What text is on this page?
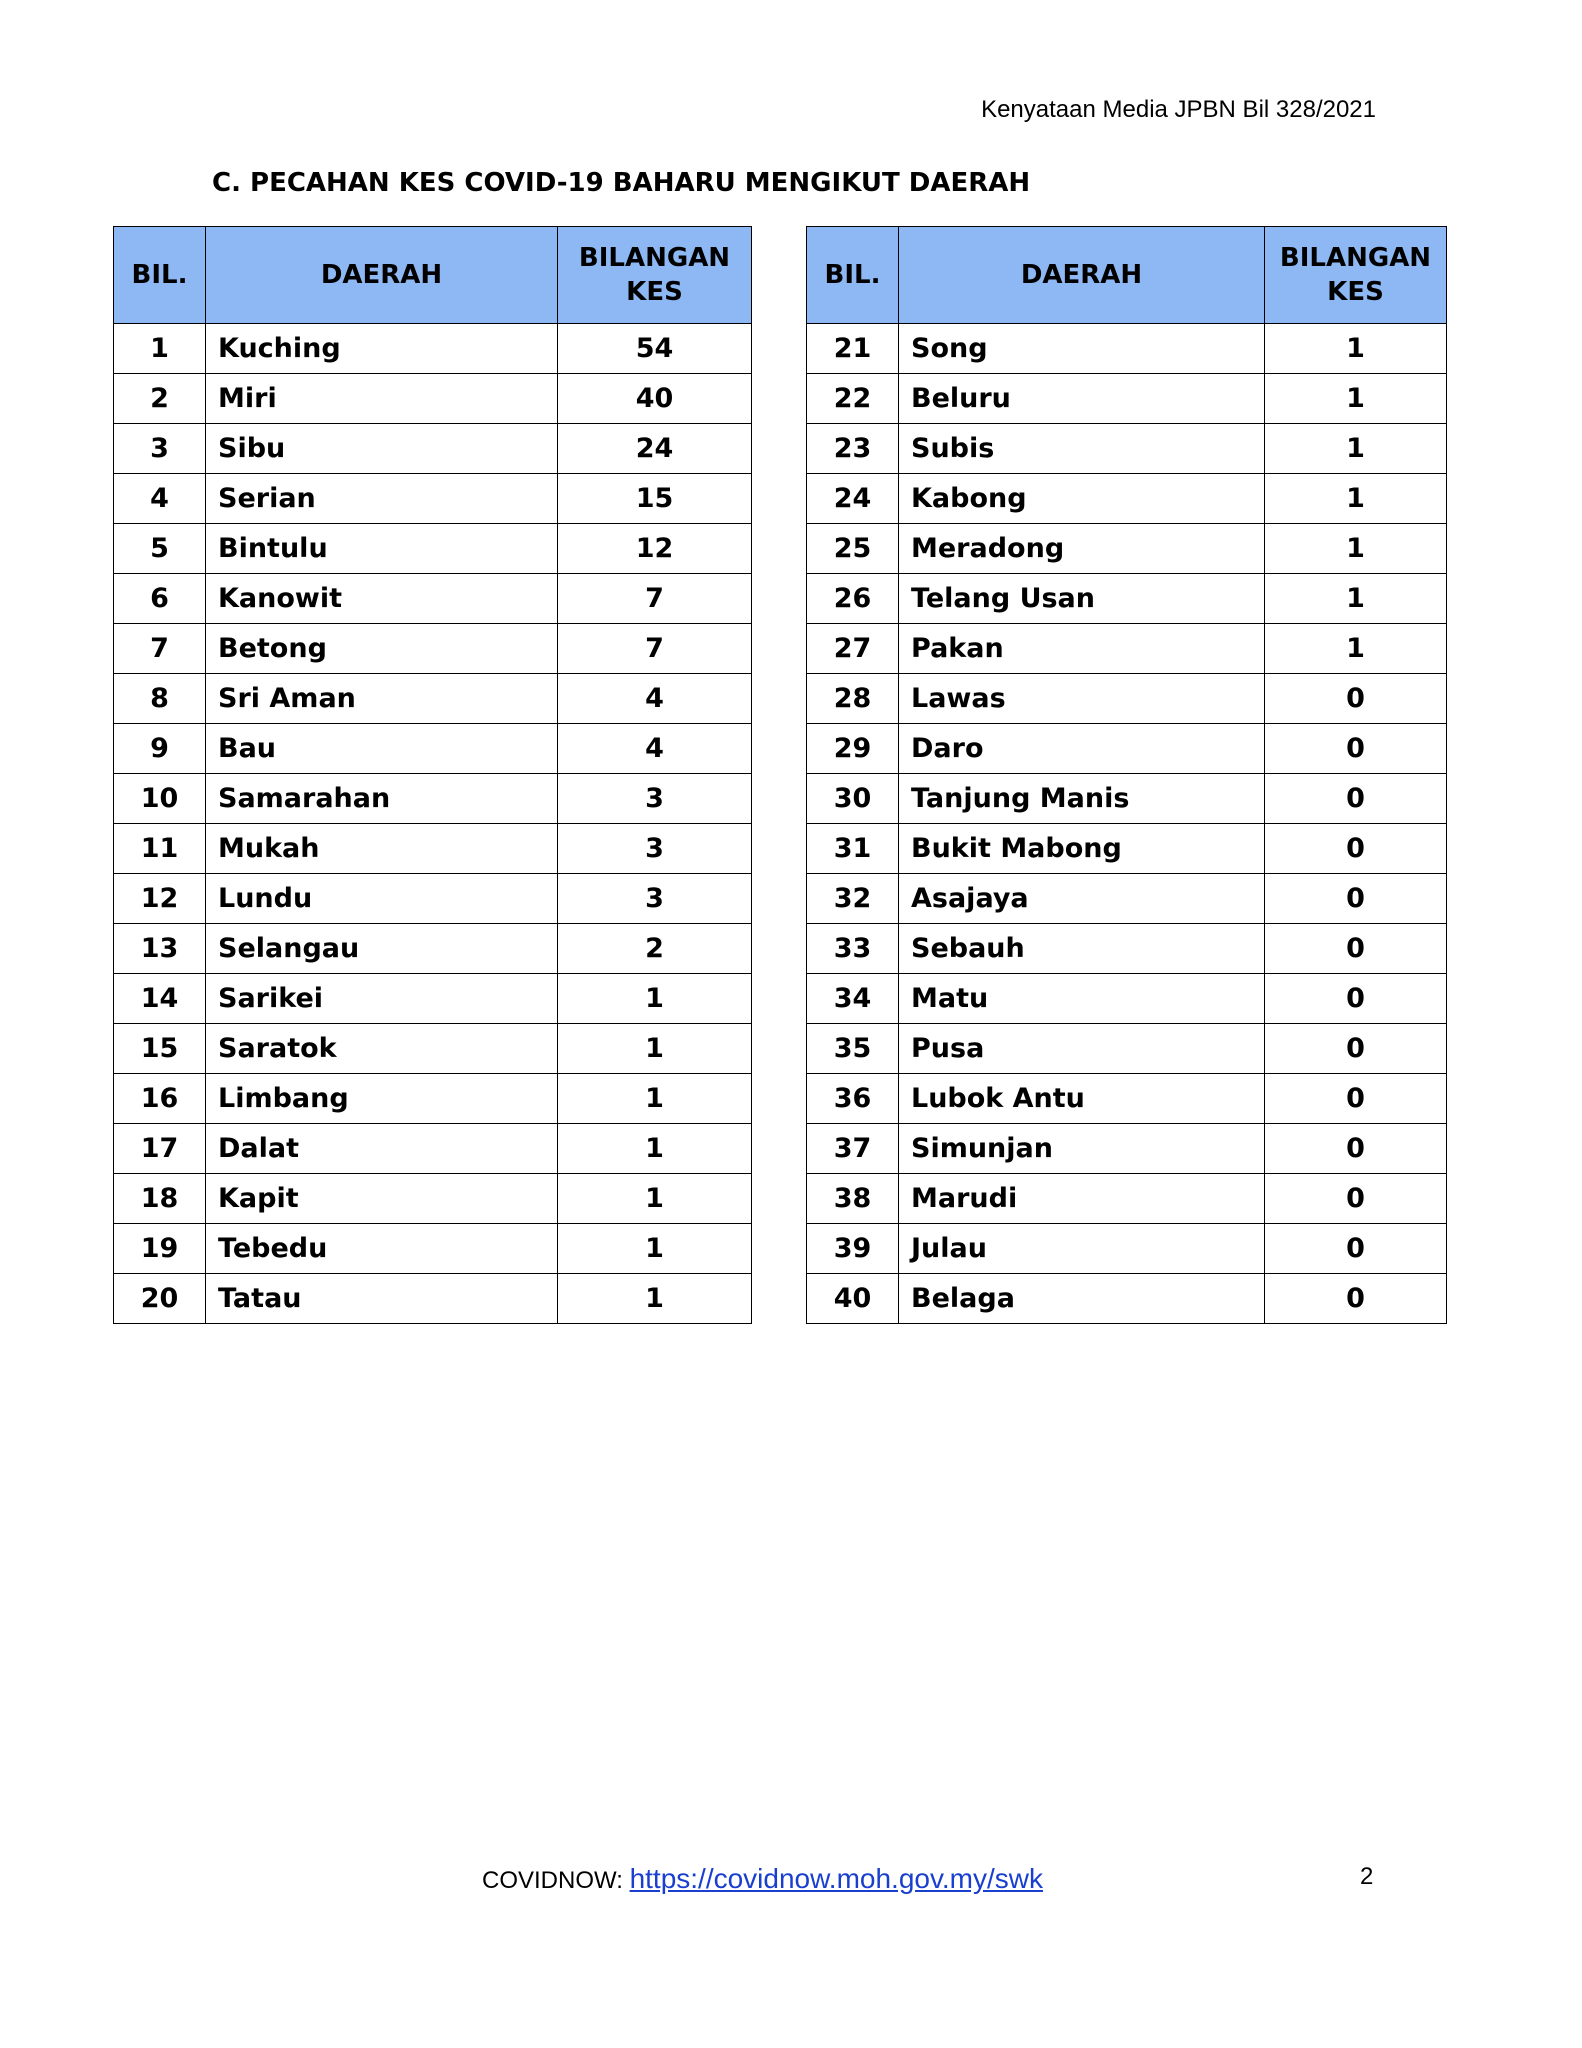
Kenyataan Media JPBN Bil 328/2021
C. PECAHAN KES COVID-19 BAHARU MENGIKUT DAERAH
BIL.	DAERAH	BILANGAN
KES

1	Kuching	54
2	Miri	40
3	Sibu	24
4	Serian	15
5	Bintulu	12
6	Kanowit	7
7	Betong	7
8	Sri Aman	4
9	Bau	4
10	Samarahan	3
11	Mukah	3
12	Lundu	3
13	Selangau	2
14	Sarikei	1
15	Saratok	1
16	Limbang	1
17	Dalat	1
18	Kapit	1
19	Tebedu	1
20	Tatau	1
BIL.	DAERAH	BILANGAN
KES

21	Song	1
22	Beluru	1
23	Subis	1
24	Kabong	1
25	Meradong	1
26	Telang Usan	1
27	Pakan	1
28	Lawas	0
29	Daro	0
30	Tanjung Manis	0
31	Bukit Mabong	0
32	Asajaya	0
33	Sebauh	0
34	Matu	0
35	Pusa	0
36	Lubok Antu	0
37	Simunjan	0
38	Marudi	0
39	Julau	0
40	Belaga	0
COVIDNOW: https://covidnow.moh.gov.my/swk	2
